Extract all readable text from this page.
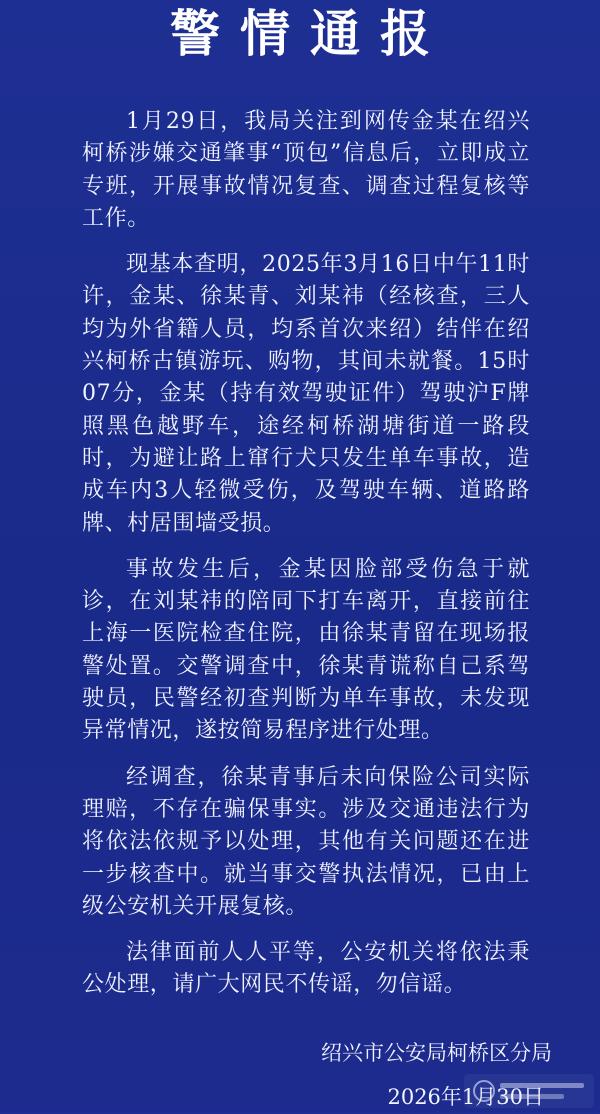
警情通报

1月29日，我局关注到网传金某在绍兴柯桥涉嫌交通肇事“顶包”信息后，立即成立专班，开展事故情况复查、调查过程复核等工作。

现基本查明，2025年3月16日中午11时许，金某、徐某青、刘某祎（经核查，三人均为外省籍人员，均系首次来绍）结伴在绍兴柯桥古镇游玩、购物，其间未就餐。15时07分，金某（持有效驾驶证件）驾驶沪F牌照黑色越野车，途经柯桥湖塘街道一路段时，为避让路上窜行犬只发生单车事故，造成车内3人轻微受伤，及驾驶车辆、道路路牌、村居围墙受损。

事故发生后，金某因脸部受伤急于就诊，在刘某祎的陪同下打车离开，直接前往上海一医院检查住院，由徐某青留在现场报警处置。交警调查中，徐某青谎称自己系驾驶员，民警经初查判断为单车事故，未发现异常情况，遂按简易程序进行处理。

经调查，徐某青事后未向保险公司实际理赔，不存在骗保事实。涉及交通违法行为将依法依规予以处理，其他有关问题还在进一步核查中。就当事交警执法情况，已由上级公安机关开展复核。

法律面前人人平等，公安机关将依法秉公处理，请广大网民不传谣，勿信谣。

绍兴市公安局柯桥区分局
2026年1月30日
